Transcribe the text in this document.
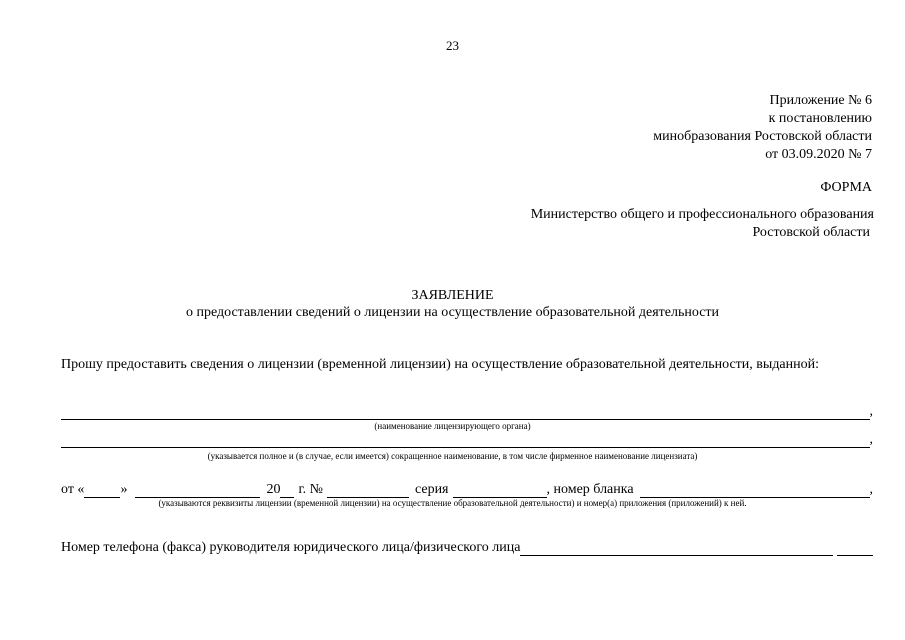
23
Приложение № 6
к постановлению
минобразования Ростовской области
от 03.09.2020 № 7
ФОРМА
Министерство общего и профессионального образования
Ростовской области
ЗАЯВЛЕНИЕ
о предоставлении сведений о лицензии на осуществление образовательной деятельности
Прошу предоставить сведения о лицензии (временной лицензии) на осуществление образовательной деятельности, выданной:
,
(наименование лицензирующего органа)
,
(указывается полное и (в случае, если имеется) сокращенное наименование, в том числе фирменное наименование лицензиата)
от «	»	20 г. №	серия	, номер бланка	,
(указываются реквизиты лицензии (временной лицензии) на осуществление образовательной деятельности) и номер(а) приложения (приложений) к ней.
Номер телефона (факса) руководителя юридического лица/физического лица
